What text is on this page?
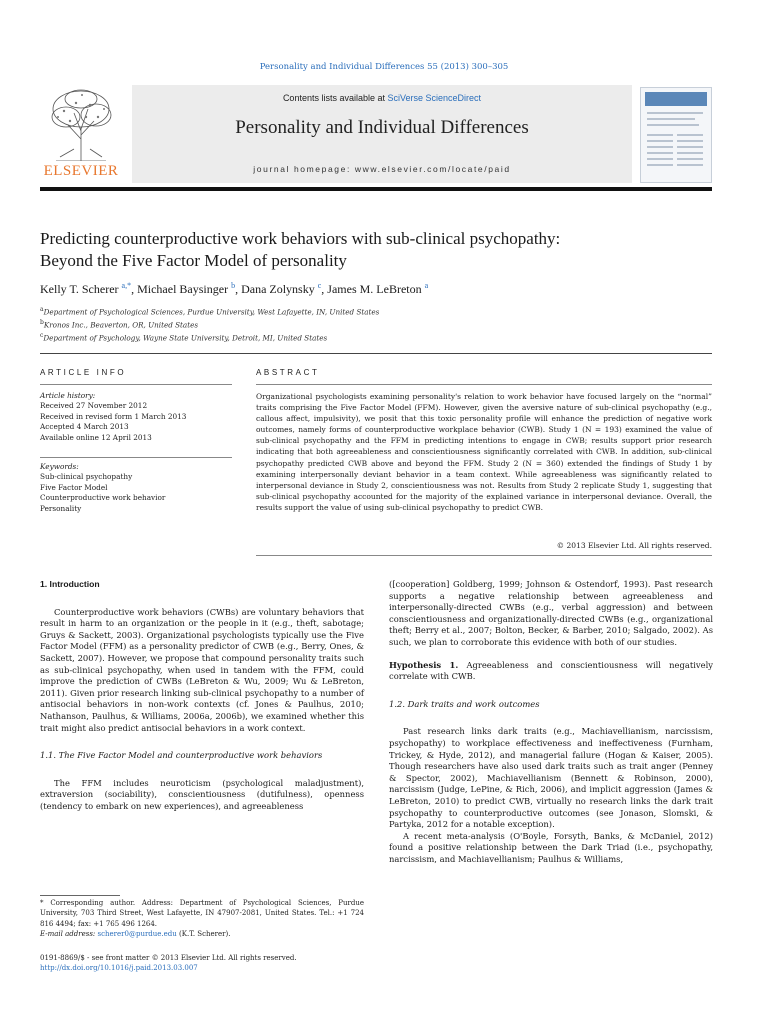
Personality and Individual Differences 55 (2013) 300–305
ELSEVIER
Contents lists available at SciVerse ScienceDirect
Personality and Individual Differences
journal homepage: www.elsevier.com/locate/paid
Predicting counterproductive work behaviors with sub-clinical psychopathy:
Beyond the Five Factor Model of personality
Kelly T. Scherer $^{a,*}$, Michael Baysinger $^b$, Dana Zolynsky $^c$, James M. LeBreton $^a$
$^a$Department of Psychological Sciences, Purdue University, West Lafayette, IN, United States
$^b$Kronos Inc., Beaverton, OR, United States
$^c$Department of Psychology, Wayne State University, Detroit, MI, United States
ARTICLE INFO
Article history:
Received 27 November 2012
Received in revised form 1 March 2013
Accepted 4 March 2013
Available online 12 April 2013
Keywords:
Sub-clinical psychopathy
Five Factor Model
Counterproductive work behavior
Personality
ABSTRACT
Organizational psychologists examining personality's relation to work behavior have focused largely on the “normal” traits comprising the Five Factor Model (FFM). However, given the aversive nature of sub-clinical psychopathy (e.g., callous affect, impulsivity), we posit that this toxic personality profile will enhance the prediction of negative work outcomes, namely forms of counterproductive workplace behavior (CWB). Study 1 (N = 193) examined the value of sub-clinical psychopathy and the FFM in predicting intentions to engage in CWB; results support prior research indicating that both agreeableness and conscientiousness significantly correlated with CWB. In addition, sub-clinical psychopathy predicted CWB above and beyond the FFM. Study 2 (N = 360) extended the findings of Study 1 by examining interpersonally deviant behavior in a team context. While agreeableness was significantly related to interpersonal deviance in Study 2, conscientiousness was not. Results from Study 2 replicate Study 1, suggesting that sub-clinical psychopathy accounted for the majority of the explained variance in interpersonal deviance. Overall, the results support the value of using sub-clinical psychopathy to predict CWB.
© 2013 Elsevier Ltd. All rights reserved.
1. Introduction

Counterproductive work behaviors (CWBs) are voluntary behaviors that result in harm to an organization or the people in it (e.g., theft, sabotage; Gruys & Sackett, 2003). Organizational psychologists typically use the Five Factor Model (FFM) as a personality predictor of CWB (e.g., Berry, Ones, & Sackett, 2007). However, we propose that compound personality traits such as sub-clinical psychopathy, when used in tandem with the FFM, could improve the prediction of CWBs (LeBreton & Wu, 2009; Wu & LeBreton, 2011). Given prior research linking sub-clinical psychopathy to a number of antisocial behaviors in non-work contexts (cf. Jones & Paulhus, 2010; Nathanson, Paulhus, & Williams, 2006a, 2006b), we examined whether this trait might also predict antisocial behaviors in a work context.

1.1. The Five Factor Model and counterproductive work behaviors

The FFM includes neuroticism (psychological maladjustment), extraversion (sociability), conscientiousness (dutifulness), openness (tendency to embark on new experiences), and agreeableness

* Corresponding author. Address: Department of Psychological Sciences, Purdue University, 703 Third Street, West Lafayette, IN 47907-2081, United States. Tel.: +1 724 816 4494; fax: +1 765 496 1264.
E-mail address: scherer0@purdue.edu (K.T. Scherer).
0191-8869/$ - see front matter © 2013 Elsevier Ltd. All rights reserved.
http://dx.doi.org/10.1016/j.paid.2013.03.007

([cooperation] Goldberg, 1999; Johnson & Ostendorf, 1993). Past research supports a negative relationship between agreeableness and interpersonally-directed CWBs (e.g., verbal aggression) and between conscientiousness and organizationally-directed CWBs (e.g., organizational theft; Berry et al., 2007; Bolton, Becker, & Barber, 2010; Salgado, 2002). As such, we plan to corroborate this evidence with both of our studies.

Hypothesis 1. Agreeableness and conscientiousness will negatively correlate with CWB.

1.2. Dark traits and work outcomes

Past research links dark traits (e.g., Machiavellianism, narcissism, psychopathy) to workplace effectiveness and ineffectiveness (Furnham, Trickey, & Hyde, 2012), and managerial failure (Hogan & Kaiser, 2005). Though researchers have also used dark traits such as trait anger (Penney & Spector, 2002), Machiavellianism (Bennett & Robinson, 2000), narcissism (Judge, LePine, & Rich, 2006), and implicit aggression (James & LeBreton, 2010) to predict CWB, virtually no research links the dark trait psychopathy to counterproductive outcomes (see Jonason, Slomski, & Partyka, 2012 for a notable exception).

A recent meta-analysis (O'Boyle, Forsyth, Banks, & McDaniel, 2012) found a positive relationship between the Dark Triad (i.e., psychopathy, narcissism, and Machiavellianism; Paulhus & Williams,
